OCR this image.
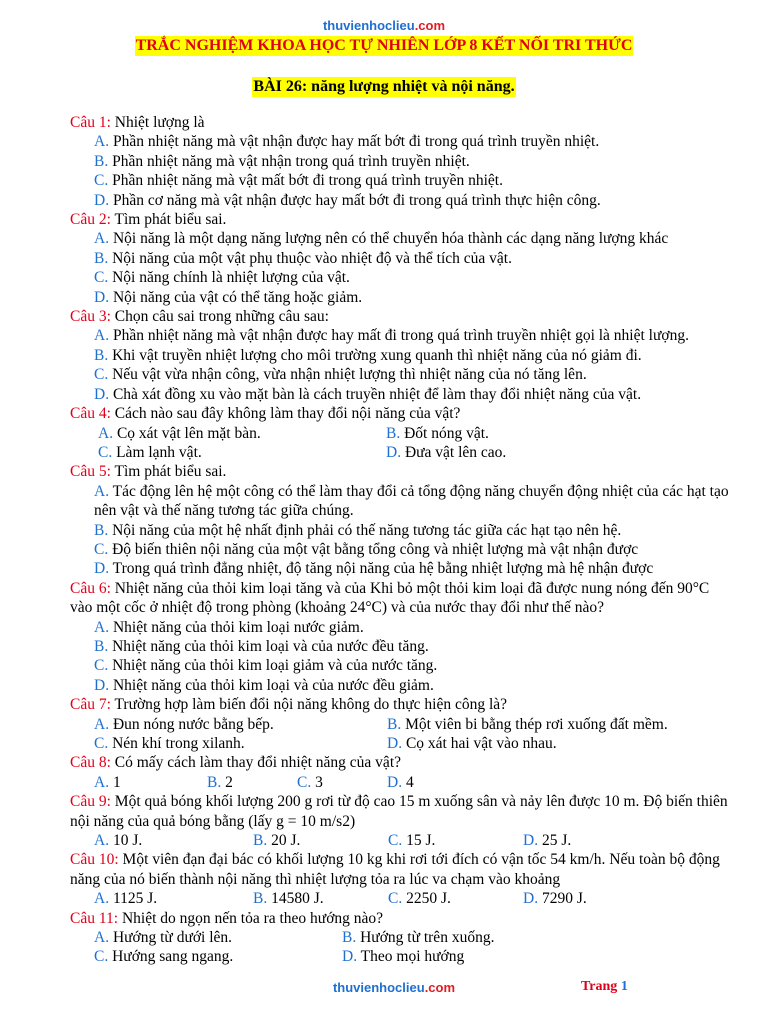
thuvienhoclieu.com
TRẮC NGHIỆM KHOA HỌC TỰ NHIÊN LỚP 8 KẾT NỐI TRI THỨC
BÀI 26: năng lượng nhiệt và nội năng.
Câu 1: Nhiệt lượng là
A. Phần nhiệt năng mà vật nhận được hay mất bớt đi trong quá trình truyền nhiệt.
B. Phần nhiệt năng mà vật nhận trong quá trình truyền nhiệt.
C. Phần nhiệt năng mà vật mất bớt đi trong quá trình truyền nhiệt.
D. Phần cơ năng mà vật nhận được hay mất bớt đi trong quá trình thực hiện công.
Câu 2: Tìm phát biểu sai.
A. Nội năng là một dạng năng lượng nên có thể chuyển hóa thành các dạng năng lượng khác
B. Nội năng của một vật phụ thuộc vào nhiệt độ và thể tích của vật.
C. Nội năng chính là nhiệt lượng của vật.
D. Nội năng của vật có thể tăng hoặc giảm.
Câu 3: Chọn câu sai trong những câu sau:
A. Phần nhiệt năng mà vật nhận được hay mất đi trong quá trình truyền nhiệt gọi là nhiệt lượng.
B. Khi vật truyền nhiệt lượng cho môi trường xung quanh thì nhiệt năng của nó giảm đi.
C. Nếu vật vừa nhận công, vừa nhận nhiệt lượng thì nhiệt năng của nó tăng lên.
D. Chà xát đồng xu vào mặt bàn là cách truyền nhiệt để làm thay đổi nhiệt năng của vật.
Câu 4: Cách nào sau đây không làm thay đổi nội năng của vật?
A. Cọ xát vật lên mặt bàn.	B. Đốt nóng vật.
C. Làm lạnh vật.	D. Đưa vật lên cao.
Câu 5: Tìm phát biểu sai.
A. Tác động lên hệ một công có thể làm thay đổi cả tổng động năng chuyển động nhiệt của các hạt tạo nên vật và thế năng tương tác giữa chúng.
B. Nội năng của một hệ nhất định phải có thế năng tương tác giữa các hạt tạo nên hệ.
C. Độ biến thiên nội năng của một vật bằng tổng công và nhiệt lượng mà vật nhận được
D. Trong quá trình đẳng nhiệt, độ tăng nội năng của hệ bằng nhiệt lượng mà hệ nhận được
Câu 6: Nhiệt năng của thỏi kim loại tăng và của Khi bỏ một thỏi kim loại đã được nung nóng đến 90°C vào một cốc ở nhiệt độ trong phòng (khoảng 24°C) và của nước thay đổi như thế nào?
A. Nhiệt năng của thỏi kim loại nước giảm.
B. Nhiệt năng của thỏi kim loại và của nước đều tăng.
C. Nhiệt năng của thỏi kim loại giảm và của nước tăng.
D. Nhiệt năng của thỏi kim loại và của nước đều giảm.
Câu 7: Trường hợp làm biến đổi nội năng không do thực hiện công là?
A. Đun nóng nước bằng bếp.	B. Một viên bi bằng thép rơi xuống đất mềm.
C. Nén khí trong xilanh.	D. Cọ xát hai vật vào nhau.
Câu 8: Có mấy cách làm thay đổi nhiệt năng của vật?
A. 1	B. 2	C. 3	D. 4
Câu 9: Một quả bóng khối lượng 200 g rơi từ độ cao 15 m xuống sân và nảy lên được 10 m. Độ biến thiên nội năng của quả bóng bằng (lấy g = 10 m/s2)
A. 10 J.	B. 20 J.	C. 15 J.	D. 25 J.
Câu 10: Một viên đạn đại bác có khối lượng 10 kg khi rơi tới đích có vận tốc 54 km/h. Nếu toàn bộ động năng của nó biến thành nội năng thì nhiệt lượng tỏa ra lúc va chạm vào khoảng
A. 1125 J.	B. 14580 J.	C. 2250 J.	D. 7290 J.
Câu 11: Nhiệt do ngọn nến tỏa ra theo hướng nào?
A. Hướng từ dưới lên.	B. Hướng từ trên xuống.
C. Hướng sang ngang.	D. Theo mọi hướng
thuvienhoclieu.com	Trang 1
